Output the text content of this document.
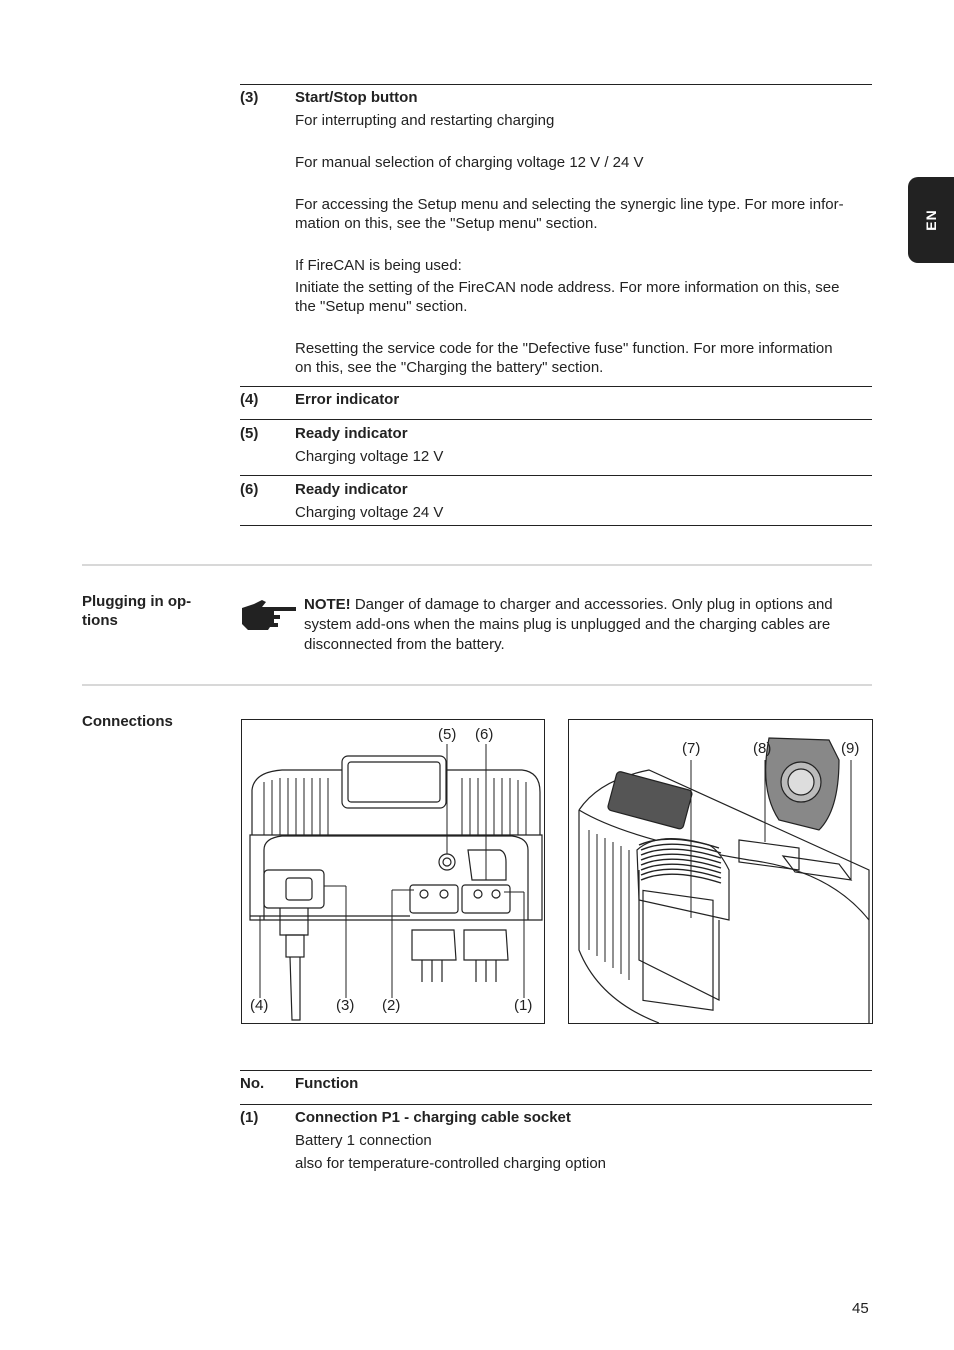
EN
(3) Start/Stop button
For interrupting and restarting charging
For manual selection of charging voltage 12 V / 24 V
For accessing the Setup menu and selecting the synergic line type. For more infor-
mation on this, see the "Setup menu" section.
If FireCAN is being used:
Initiate the setting of the FireCAN node address. For more information on this, see
the "Setup menu" section.
Resetting the service code for the "Defective fuse" function. For more information
on this, see the "Charging the battery" section.
(4) Error indicator
(5) Ready indicator
Charging voltage 12 V
(6) Ready indicator
Charging voltage 24 V
Plugging in op-
tions
NOTE! Danger of damage to charger and accessories. Only plug in options and
system add-ons when the mains plug is unplugged and the charging cables are
disconnected from the battery.
Connections
(5) (6)
(4)	(3) (2)	(1)
(7)	(8)	(9)
No. Function
(1) Connection P1 - charging cable socket
Battery 1 connection
also for temperature-controlled charging option
45
